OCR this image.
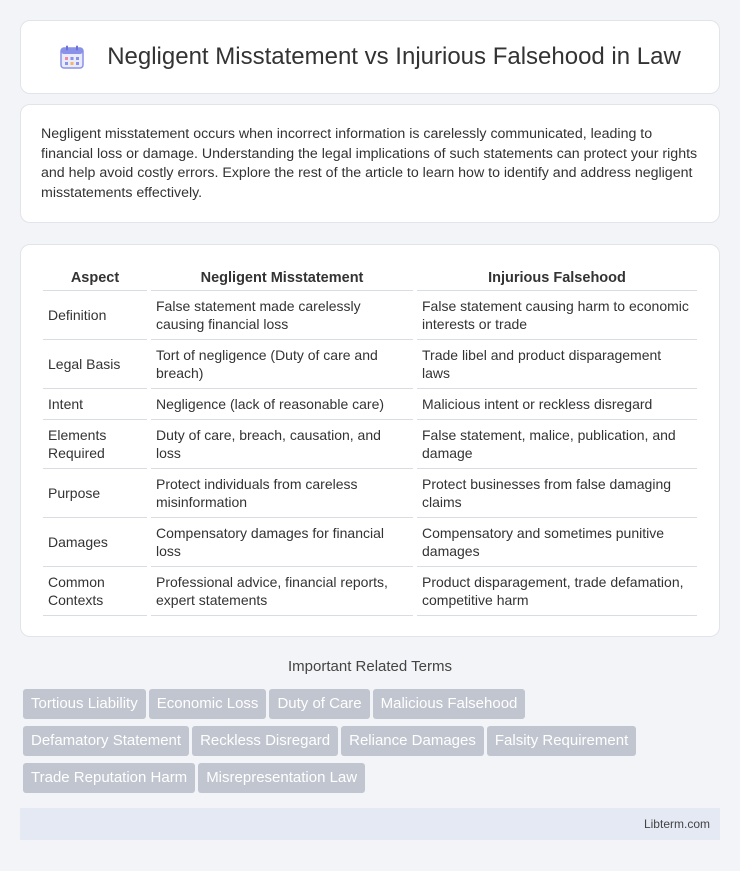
Negligent Misstatement vs Injurious Falsehood in Law

Negligent misstatement occurs when incorrect information is carelessly communicated, leading to financial loss or damage. Understanding the legal implications of such statements can protect your rights and help avoid costly errors. Explore the rest of the article to learn how to identify and address negligent misstatements effectively.

Aspect	Negligent Misstatement	Injurious Falsehood
Definition	False statement made carelessly causing financial loss	False statement causing harm to economic interests or trade
Legal Basis	Tort of negligence (Duty of care and breach)	Trade libel and product disparagement laws
Intent	Negligence (lack of reasonable care)	Malicious intent or reckless disregard
Elements Required	Duty of care, breach, causation, and loss	False statement, malice, publication, and damage
Purpose	Protect individuals from careless misinformation	Protect businesses from false damaging claims
Damages	Compensatory damages for financial loss	Compensatory and sometimes punitive damages
Common Contexts	Professional advice, financial reports, expert statements	Product disparagement, trade defamation, competitive harm
Important Related Terms
Tortious Liability Economic Loss Duty of Care Malicious Falsehood
Defamatory Statement Reckless Disregard Reliance Damages Falsity Requirement
Trade Reputation Harm Misrepresentation Law
Libterm.com
